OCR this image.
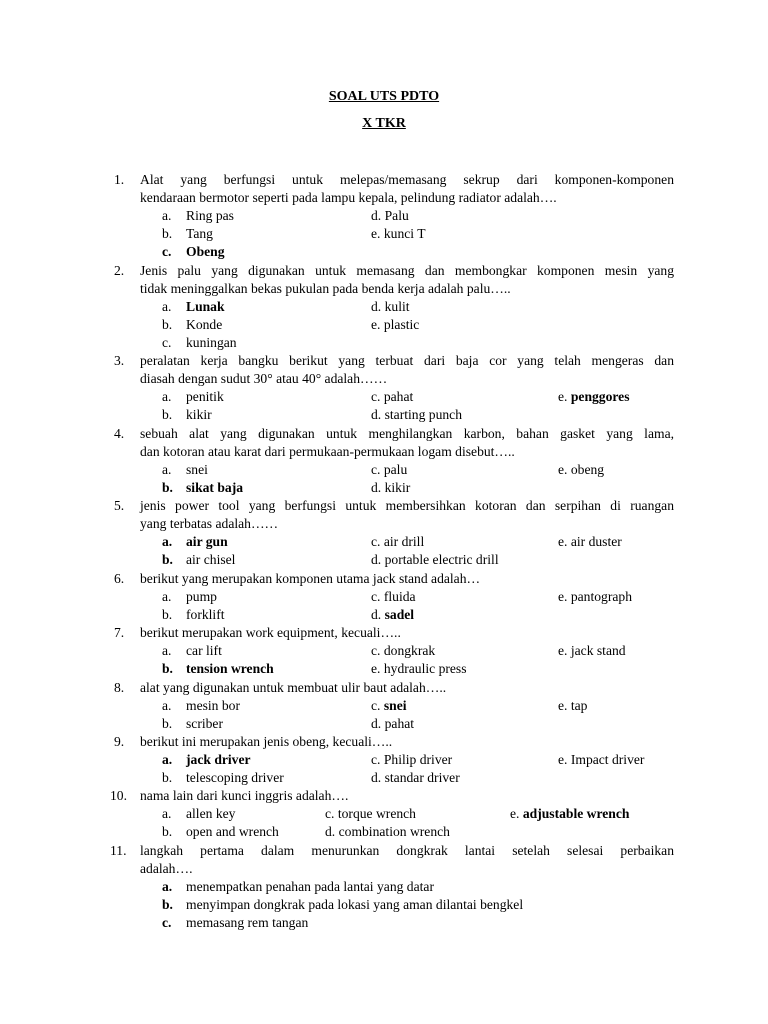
SOAL UTS PDTO
X TKR
1. Alat yang berfungsi untuk melepas/memasang sekrup dari komponen-komponen
kendaraan bermotor seperti pada lampu kepala, pelindung radiator adalah….
a. Ring pas	d. Palu
b. Tang	e. kunci T
c. Obeng
2. Jenis palu yang digunakan untuk memasang dan membongkar komponen mesin yang
tidak meninggalkan bekas pukulan pada benda kerja adalah palu…..
a. Lunak	d. kulit
b. Konde	e. plastic
c. kuningan
3. peralatan kerja bangku berikut yang terbuat dari baja cor yang telah mengeras dan
diasah dengan sudut 30° atau 40° adalah……
a. penitik	c. pahat	e. penggores
b. kikir	d. starting punch
4. sebuah alat yang digunakan untuk menghilangkan karbon, bahan gasket yang lama,
dan kotoran atau karat dari permukaan-permukaan logam disebut…..
a. snei	c. palu	e. obeng
b. sikat baja	d. kikir
5. jenis power tool yang berfungsi untuk membersihkan kotoran dan serpihan di ruangan
yang terbatas adalah……
a. air gun	c. air drill	e. air duster
b. air chisel	d. portable electric drill
6. berikut yang merupakan komponen utama jack stand adalah…
a. pump	c. fluida	e. pantograph
b. forklift	d. sadel
7. berikut merupakan work equipment, kecuali…..
a. car lift	c. dongkrak	e. jack stand
b. tension wrench	e. hydraulic press
8. alat yang digunakan untuk membuat ulir baut adalah…..
a. mesin bor	c. snei	e. tap
b. scriber	d. pahat
9. berikut ini merupakan jenis obeng, kecuali…..
a. jack driver	c. Philip driver	e. Impact driver
b. telescoping driver	d. standar driver
10. nama lain dari kunci inggris adalah….
a. allen key	c. torque wrench	e. adjustable wrench
b. open and wrench	d. combination wrench
11. langkah pertama dalam menurunkan dongkrak lantai setelah selesai perbaikan
adalah….
a. menempatkan penahan pada lantai yang datar
b. menyimpan dongkrak pada lokasi yang aman dilantai bengkel
c. memasang rem tangan
